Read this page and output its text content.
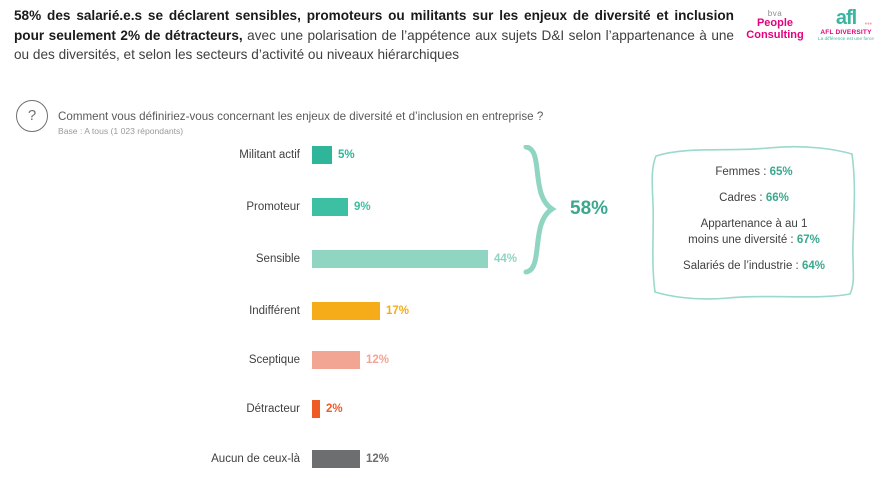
58% des salarié.e.s se déclarent sensibles, promoteurs ou militants sur les enjeux de diversité et inclusion pour seulement 2% de détracteurs, avec une polarisation de l’appétence aux sujets D&I selon l’appartenance à une ou des diversités, et selon les secteurs d’activité ou niveaux hiérarchiques
bva
People
Consulting
afl	•••
AFL DIVERSITY
La différence est une force
?	Comment vous définiriez-vous concernant les enjeux de diversité et d’inclusion en entreprise ?
Base : A tous (1 023 répondants)
Militant actif	5%
Promoteur	9%
Sensible	44%
Indifférent	17%
Sceptique	12%
Détracteur 2%
Aucun de ceux-là	12%
58%
Femmes : 65%
Cadres : 66%
Appartenance à au 1
moins une diversité : 67%
Salariés de l’industrie : 64%
